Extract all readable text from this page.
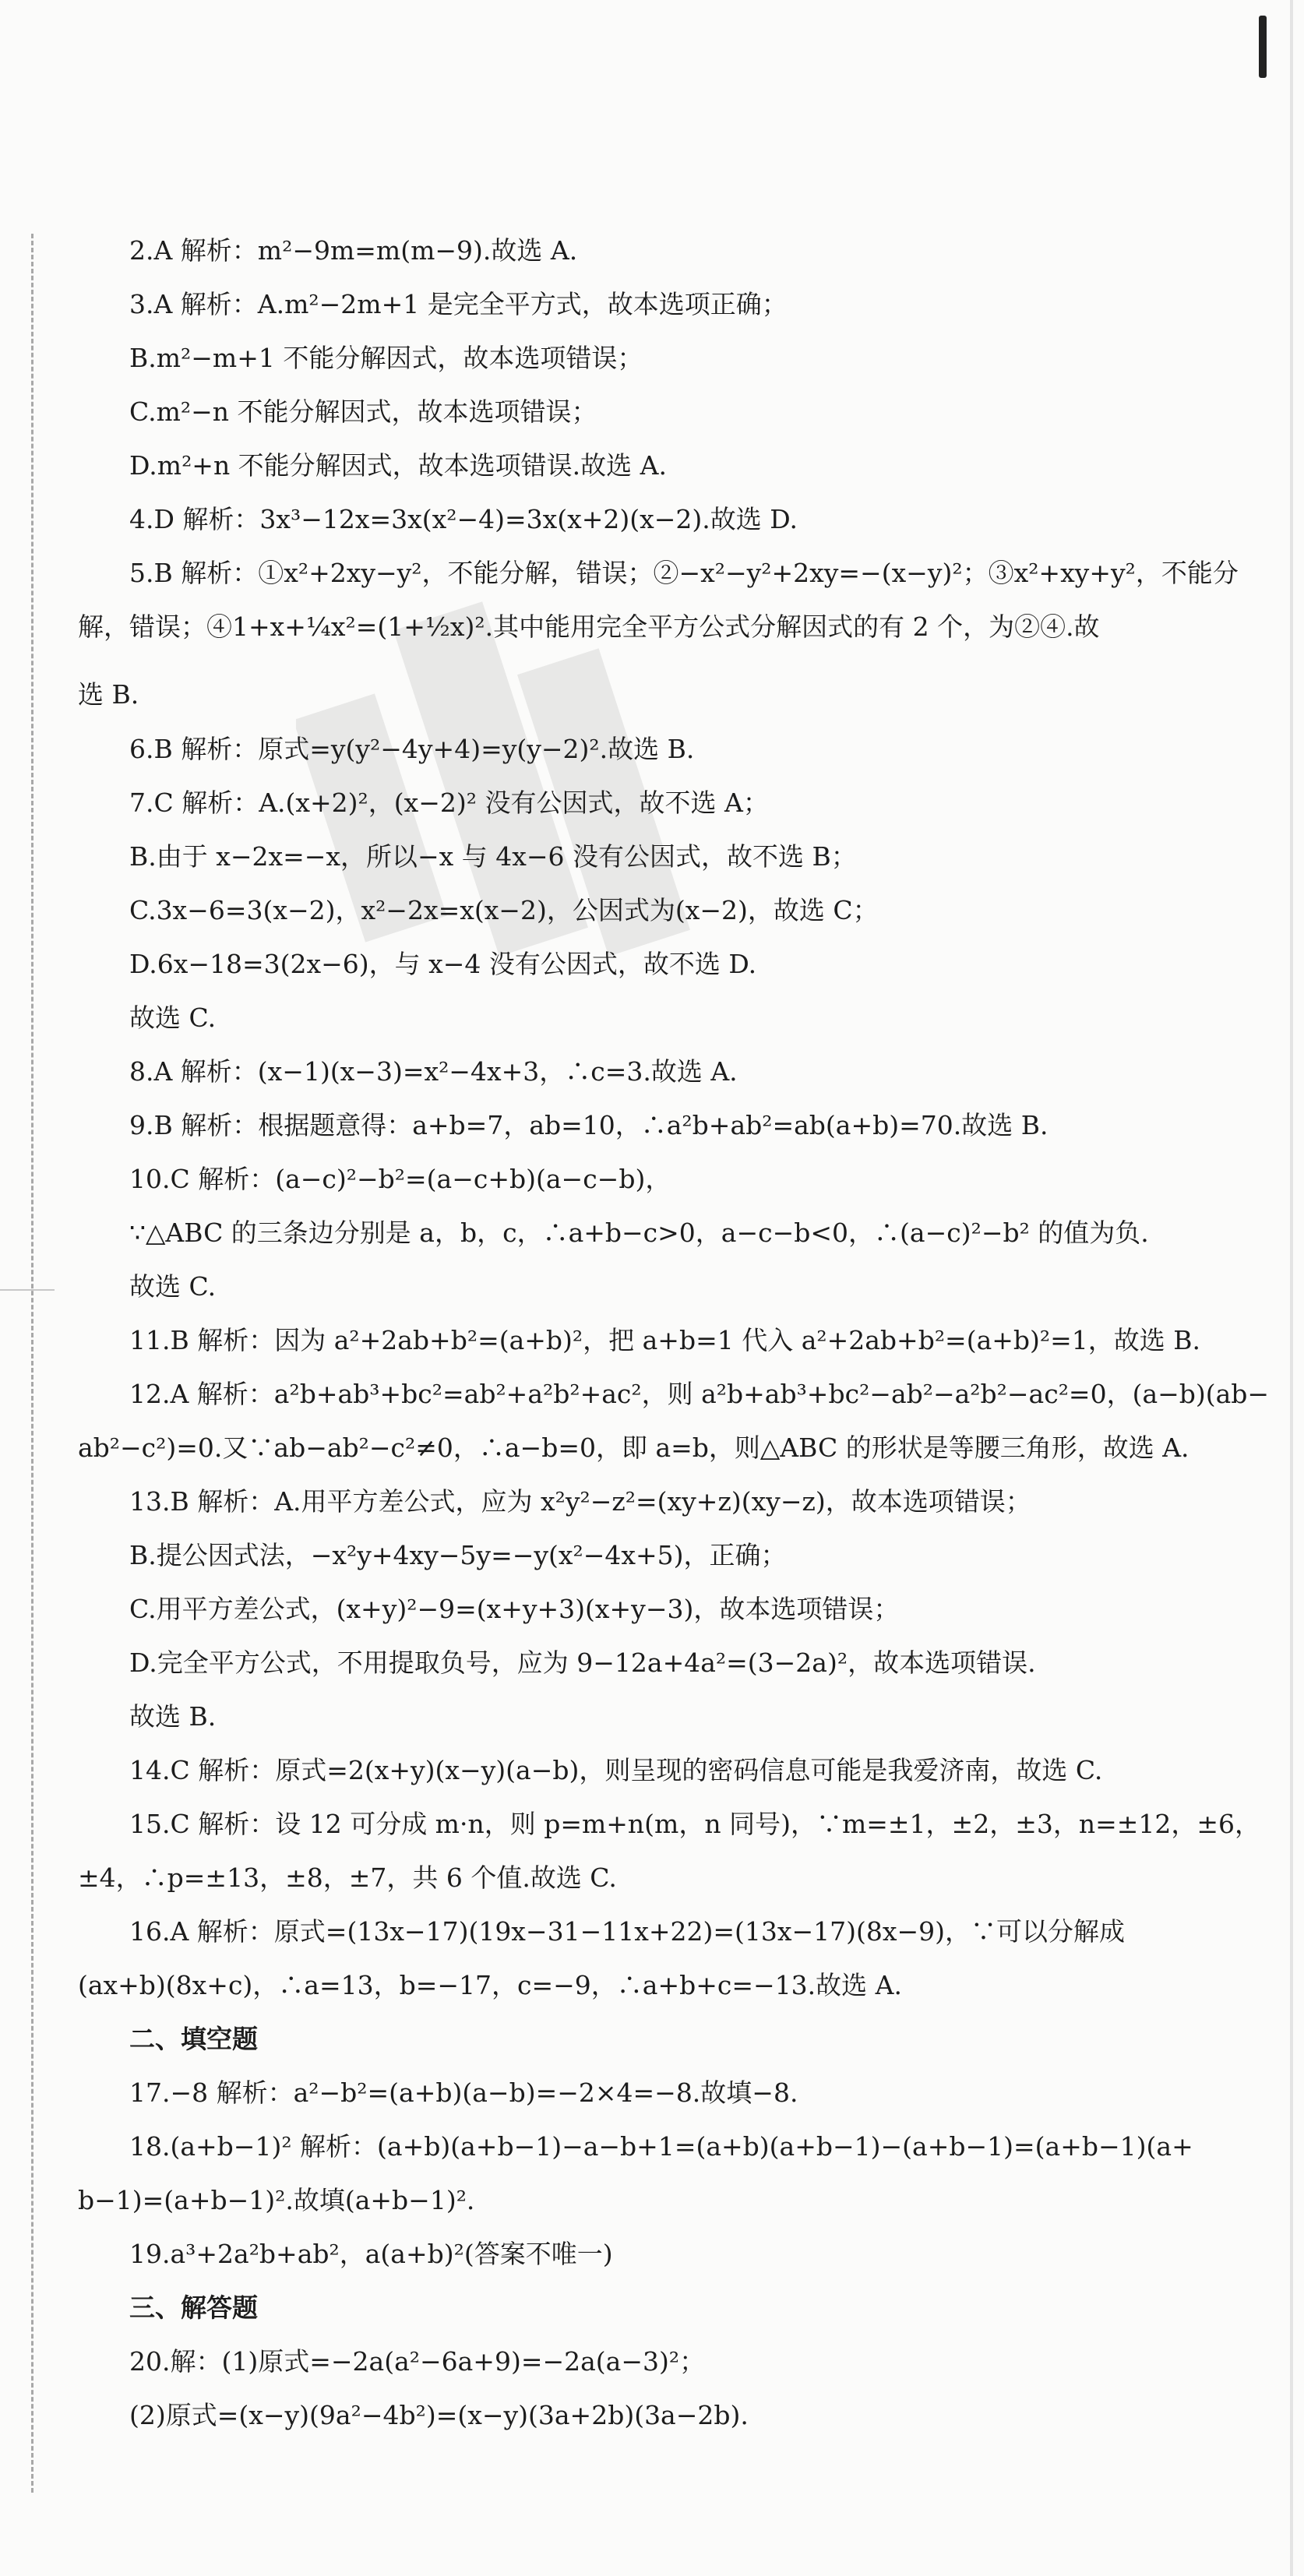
2.A 解析：m²−9m=m(m−9).故选 A.
3.A 解析：A.m²−2m+1 是完全平方式，故本选项正确；
B.m²−m+1 不能分解因式，故本选项错误；
C.m²−n 不能分解因式，故本选项错误；
D.m²+n 不能分解因式，故本选项错误.故选 A.
4.D 解析：3x³−12x=3x(x²−4)=3x(x+2)(x−2).故选 D.
5.B 解析：①x²+2xy−y²，不能分解，错误；②−x²−y²+2xy=−(x−y)²；③x²+xy+y²，不能分
解，错误；④1+x+¼x²=(1+½x)².其中能用完全平方公式分解因式的有 2 个，为②④.故
选 B.
6.B 解析：原式=y(y²−4y+4)=y(y−2)².故选 B.
7.C 解析：A.(x+2)²，(x−2)² 没有公因式，故不选 A；
B.由于 x−2x=−x，所以−x 与 4x−6 没有公因式，故不选 B；
C.3x−6=3(x−2)，x²−2x=x(x−2)，公因式为(x−2)，故选 C；
D.6x−18=3(2x−6)，与 x−4 没有公因式，故不选 D.
故选 C.
8.A 解析：(x−1)(x−3)=x²−4x+3，∴c=3.故选 A.
9.B 解析：根据题意得：a+b=7，ab=10，∴a²b+ab²=ab(a+b)=70.故选 B.
10.C 解析：(a−c)²−b²=(a−c+b)(a−c−b)，
∵△ABC 的三条边分别是 a，b，c，∴a+b−c>0，a−c−b<0，∴(a−c)²−b² 的值为负.
故选 C.
11.B 解析：因为 a²+2ab+b²=(a+b)²，把 a+b=1 代入 a²+2ab+b²=(a+b)²=1，故选 B.
12.A 解析：a²b+ab³+bc²=ab²+a²b²+ac²，则 a²b+ab³+bc²−ab²−a²b²−ac²=0，(a−b)(ab−
ab²−c²)=0.又∵ab−ab²−c²≠0，∴a−b=0，即 a=b，则△ABC 的形状是等腰三角形，故选 A.
13.B 解析：A.用平方差公式，应为 x²y²−z²=(xy+z)(xy−z)，故本选项错误；
B.提公因式法，−x²y+4xy−5y=−y(x²−4x+5)，正确；
C.用平方差公式，(x+y)²−9=(x+y+3)(x+y−3)，故本选项错误；
D.完全平方公式，不用提取负号，应为 9−12a+4a²=(3−2a)²，故本选项错误.
故选 B.
14.C 解析：原式=2(x+y)(x−y)(a−b)，则呈现的密码信息可能是我爱济南，故选 C.
15.C 解析：设 12 可分成 m·n，则 p=m+n(m，n 同号)，∵m=±1，±2，±3，n=±12，±6，
±4，∴p=±13，±8，±7，共 6 个值.故选 C.
16.A 解析：原式=(13x−17)(19x−31−11x+22)=(13x−17)(8x−9)，∵可以分解成
(ax+b)(8x+c)，∴a=13，b=−17，c=−9，∴a+b+c=−13.故选 A.
二、填空题
17.−8 解析：a²−b²=(a+b)(a−b)=−2×4=−8.故填−8.
18.(a+b−1)² 解析：(a+b)(a+b−1)−a−b+1=(a+b)(a+b−1)−(a+b−1)=(a+b−1)(a+
b−1)=(a+b−1)².故填(a+b−1)².
19.a³+2a²b+ab²，a(a+b)²(答案不唯一)
三、解答题
20.解：(1)原式=−2a(a²−6a+9)=−2a(a−3)²；
(2)原式=(x−y)(9a²−4b²)=(x−y)(3a+2b)(3a−2b).
